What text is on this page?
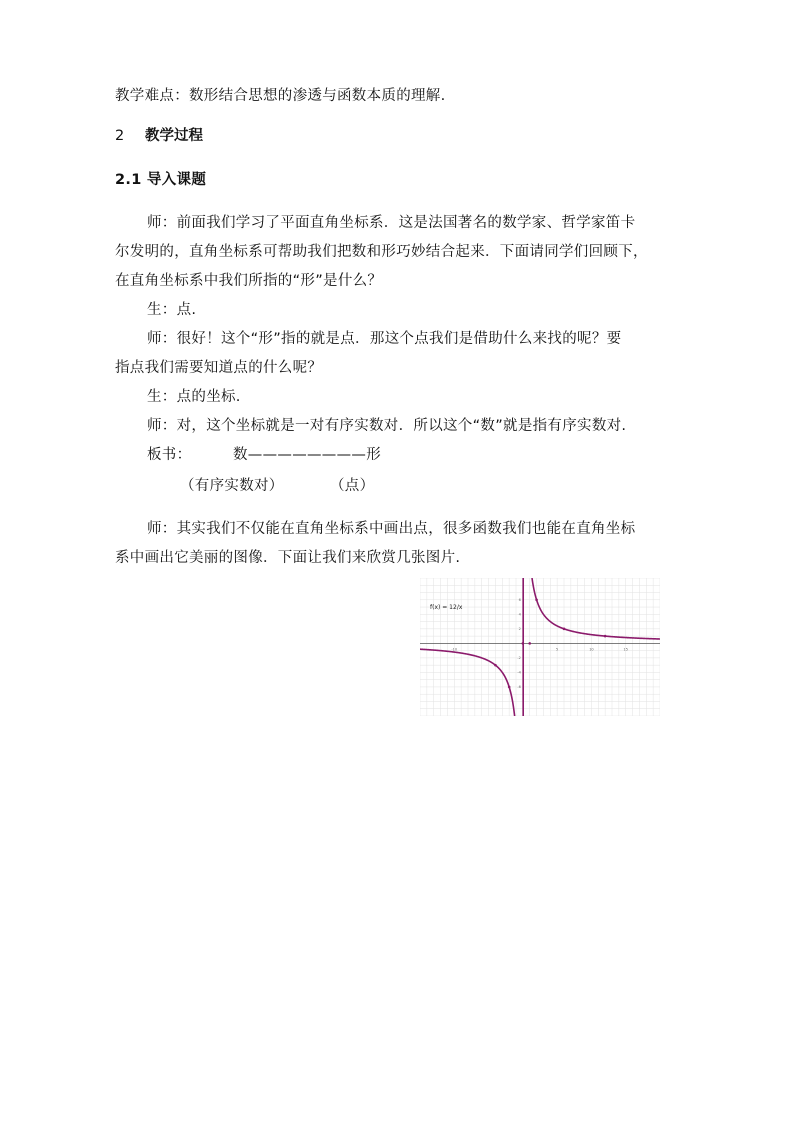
教学难点：数形结合思想的渗透与函数本质的理解.
2 教学过程
2.1 导入课题
师：前面我们学习了平面直角坐标系．这是法国著名的数学家、哲学家笛卡
尔发明的，直角坐标系可帮助我们把数和形巧妙结合起来．下面请同学们回顾下，
在直角坐标系中我们所指的“形”是什么？
生：点.
师：很好！这个“形”指的就是点．那这个点我们是借助什么来找的呢？要
指点我们需要知道点的什么呢？
生：点的坐标.
师：对，这个坐标就是一对有序实数对．所以这个“数”就是指有序实数对.
板书：	数————————形
（有序实数对）	（点）
师：其实我们不仅能在直角坐标系中画出点，很多函数我们也能在直角坐标
系中画出它美丽的图像．下面让我们来欣赏几张图片.
-10	5	10	15
6
4
2
-2
-4
-6
f(x) = 12/x
